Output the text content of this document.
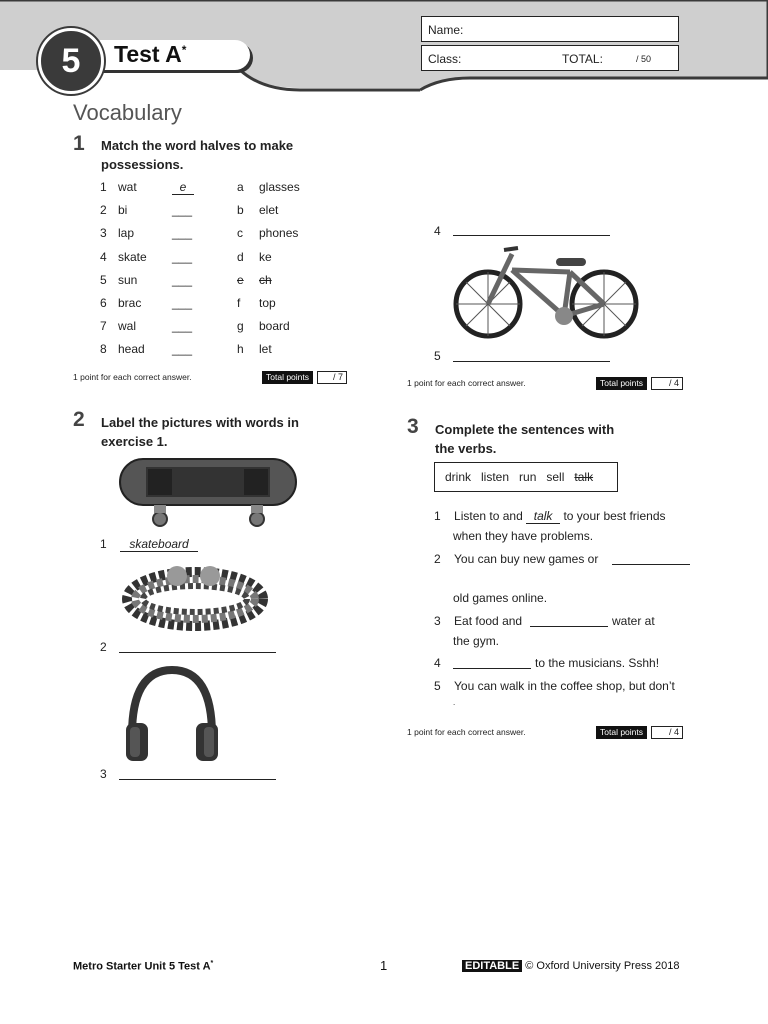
5	Test A*
Name:
Class:	TOTAL:	/ 50
Vocabulary
1 Match the word halves to make
possessions.
1 wat	e	a glasses
2 bi	___	b elet
3 lap	___	c phones
4 skate ___	d ke
5 sun	___	e ch
6 brac	___	f top
7 wal	___	g board
8 head ___	h let
1 point for each correct answer.	Total points	/ 7
2 Label the pictures with words in
exercise 1.
1 skateboard
2
3
4
5
1 point for each correct answer.	Total points	/ 4
3 Complete the sentences with
the verbs.
drink listen run sell talk
1 Listen to and talk to your best friends
when they have problems.
2 You can buy new games or
old games online.
3 Eat food and	water at
the gym.
4	to the musicians. Sshh!
5 You can walk in the coffee shop, but don’t
.
1 point for each correct answer.	Total points	/ 4
Metro Starter Unit 5 Test A*	1	EDITABLE © Oxford University Press 2018
